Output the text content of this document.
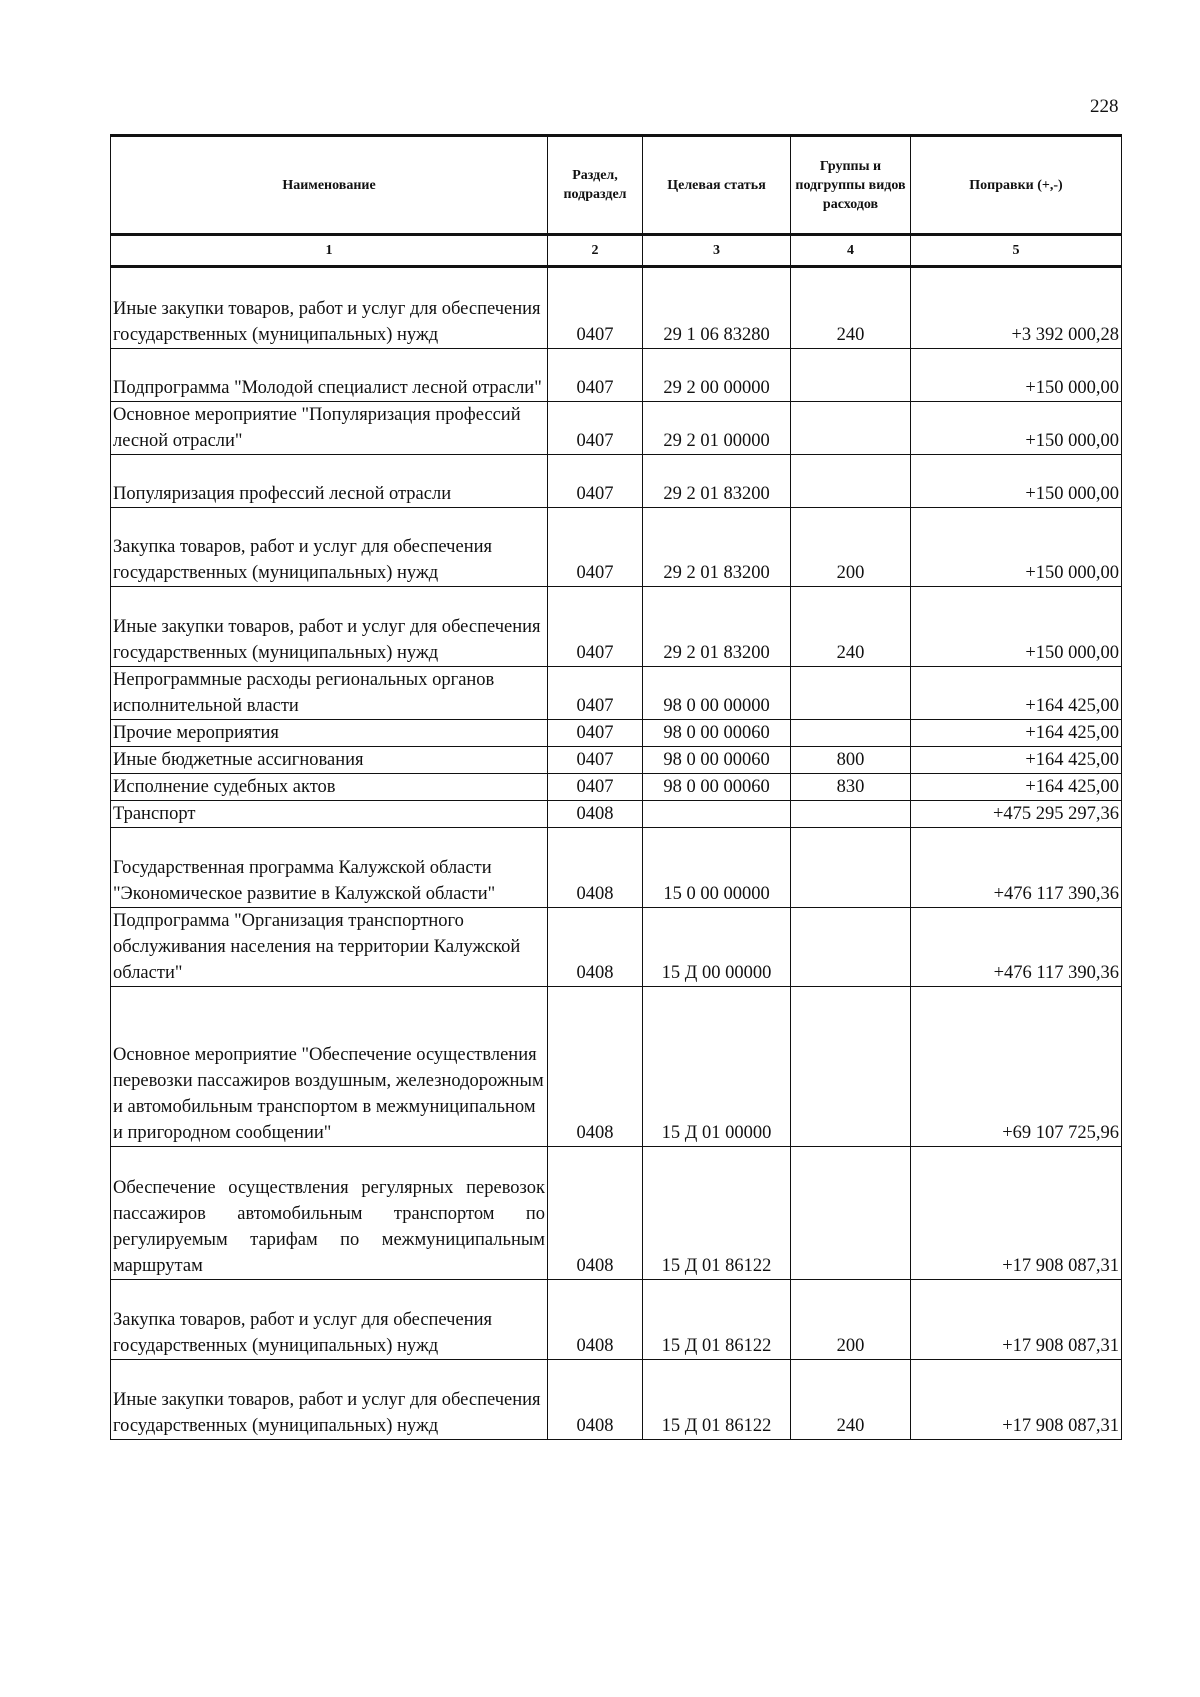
228
Наименование	Раздел, подраздел	Целевая статья	Группы и подгруппы видов расходов	Поправки (+,-)
1	2	3	4	5
Иные закупки товаров, работ и услуг для обеспечения государственных (муниципальных) нужд	0407	29 1 06 83280	240	+3 392 000,28
Подпрограмма "Молодой специалист лесной отрасли"	0407	29 2 00 00000		+150 000,00
Основное мероприятие "Популяризация профессий лесной отрасли"	0407	29 2 01 00000		+150 000,00
Популяризация профессий лесной отрасли	0407	29 2 01 83200		+150 000,00
Закупка товаров, работ и услуг для обеспечения государственных (муниципальных) нужд	0407	29 2 01 83200	200	+150 000,00
Иные закупки товаров, работ и услуг для обеспечения государственных (муниципальных) нужд	0407	29 2 01 83200	240	+150 000,00
Непрограммные расходы региональных органов исполнительной власти	0407	98 0 00 00000		+164 425,00
Прочие мероприятия	0407	98 0 00 00060		+164 425,00
Иные бюджетные ассигнования	0407	98 0 00 00060	800	+164 425,00
Исполнение судебных актов	0407	98 0 00 00060	830	+164 425,00
Транспорт	0408			+475 295 297,36
Государственная программа Калужской области "Экономическое развитие в Калужской области"	0408	15 0 00 00000		+476 117 390,36
Подпрограмма "Организация транспортного обслуживания населения на территории Калужской области"	0408	15 Д 00 00000		+476 117 390,36
Основное мероприятие "Обеспечение осуществления перевозки пассажиров воздушным, железнодорожным и автомобильным транспортом в межмуниципальном и пригородном сообщении"	0408	15 Д 01 00000		+69 107 725,96
Обеспечение осуществления регулярных перевозок пассажиров автомобильным транспортом по регулируемым тарифам по межмуниципальным маршрутам	0408	15 Д 01 86122		+17 908 087,31
Закупка товаров, работ и услуг для обеспечения государственных (муниципальных) нужд	0408	15 Д 01 86122	200	+17 908 087,31
Иные закупки товаров, работ и услуг для обеспечения государственных (муниципальных) нужд	0408	15 Д 01 86122	240	+17 908 087,31
